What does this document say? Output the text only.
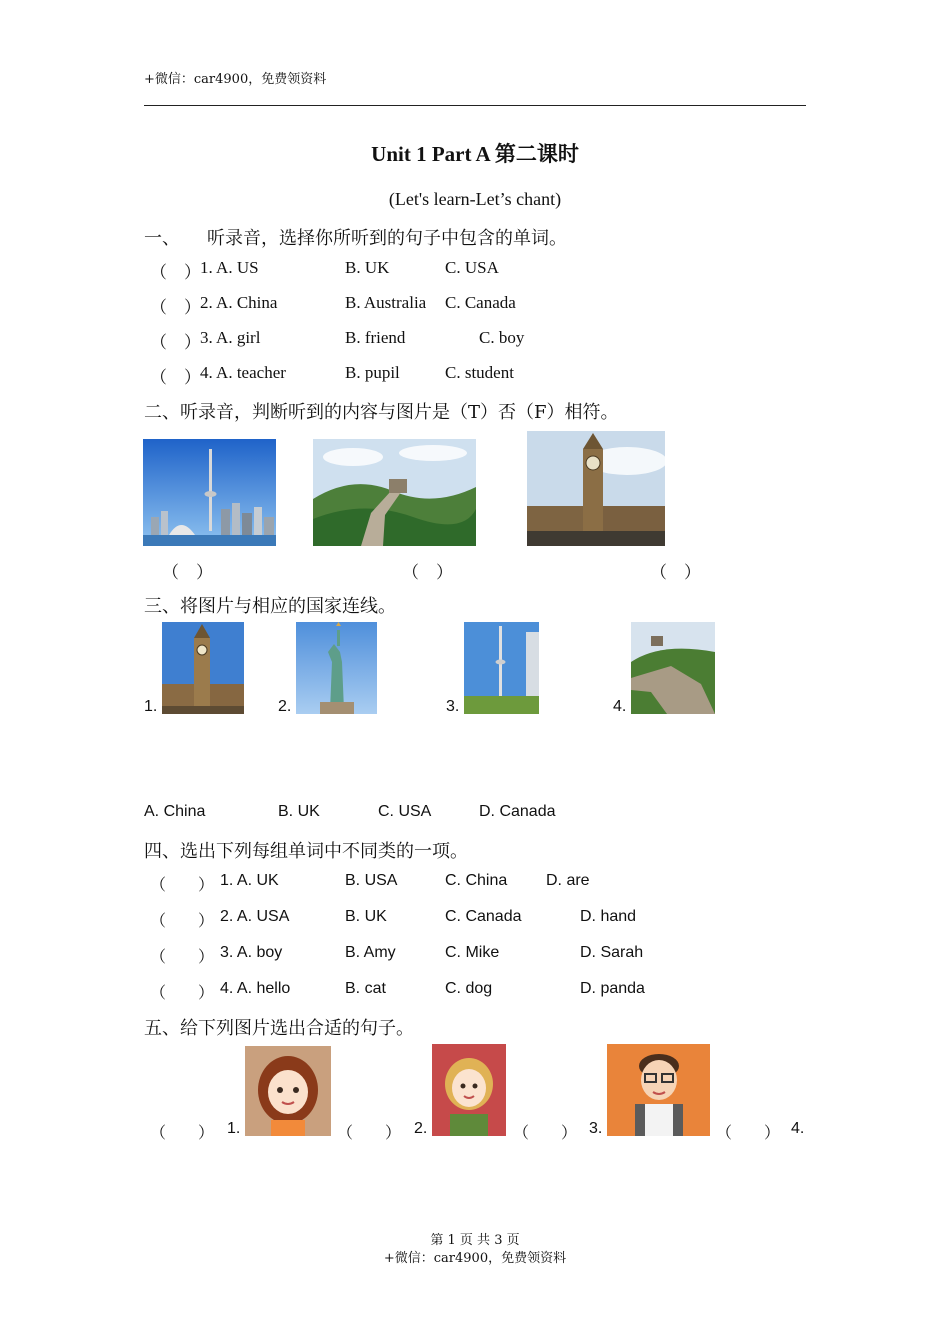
+微信：car4900，免费领资料
Unit 1 Part A 第二课时
(Let's learn-Let’s chant)
一、　　听录音，选择你所听到的句子中包含的单词。
（　） 1. A. US	B. UK	C. USA
（　） 2. A. China	B. Australia C. Canada
（　） 3. A. girl	B. friend	C. boy
（　） 4. A. teacher	B. pupil	C. student
二、听录音，判断听到的内容与图片是（T）否（F）相符。
（　）	（　）	（　）
三、将图片与相应的国家连线。
1.	2.	3.	4.
A. China	B. UK	C. USA	D. Canada
四、选出下列每组单词中不同类的一项。
（　　） 1. A. UK	B. USA	C. China D. are
（　　） 2. A. USA	B. UK	C. Canada	D. hand
（　　） 3. A. boy	B. Amy	C. Mike	D. Sarah
（　　） 4. A. hello	B. cat	C. dog	D. panda
五、给下列图片选出合适的句子。
（　　） 1.	（　　） 2.	（　　） 3.	（　　） 4.
第 1 页 共 3 页
+微信：car4900，免费领资料
